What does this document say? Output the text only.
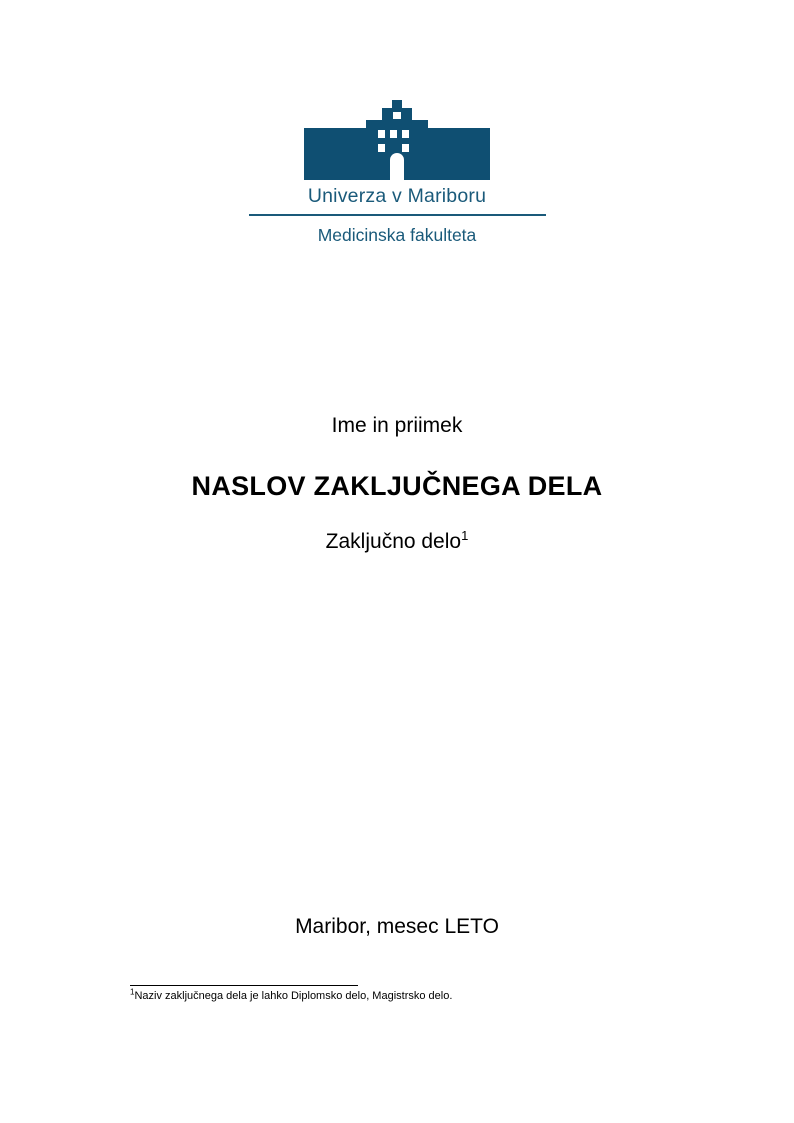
Univerza v Mariboru
Medicinska fakulteta
Ime in priimek
NASLOV ZAKLJUČNEGA DELA
Zaključno delo$^1$
Maribor, mesec LETO
$^1$Naziv zaključnega dela je lahko Diplomsko delo, Magistrsko delo.
